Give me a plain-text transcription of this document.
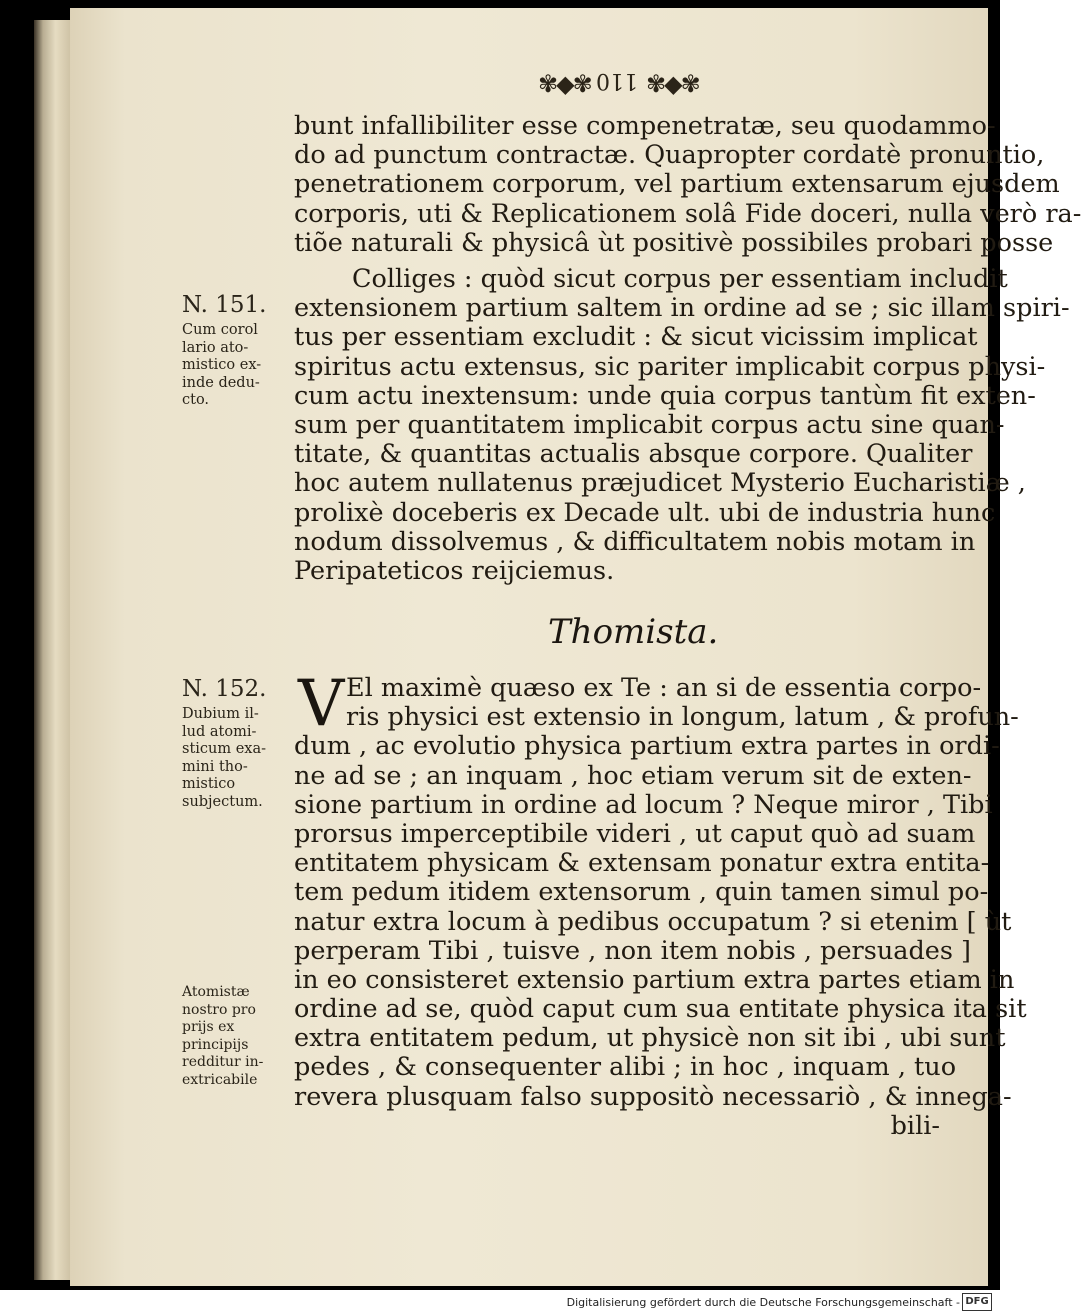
✾◆✾ 110 ✾◆✾
bunt infallibiliter esse compenetratæ, seu quodammo-
do ad punctum contractæ. Quapropter cordatè pronuntio,
penetrationem corporum, vel partium extensarum ejusdem
corporis, uti & Replicationem solâ Fide doceri, nulla verò ra-
tiõe naturali & physicâ ùt positivè possibiles probari posse
Colliges : quòd sicut corpus per essentiam includit
extensionem partium saltem in ordine ad se ; sic illam spiri-
tus per essentiam excludit : & sicut vicissim implicat
spiritus actu extensus, sic pariter implicabit corpus physi-
cum actu inextensum: unde quia corpus tantùm fit exten-
sum per quantitatem implicabit corpus actu sine quan-
titate, & quantitas actualis absque corpore. Qualiter
hoc autem nullatenus præjudicet Mysterio Eucharistiæ ,
prolixè doceberis ex Decade ult. ubi de industria hunc
nodum dissolvemus , & difficultatem nobis motam in
Peripateticos reijciemus.
N. 151.
Cum corol
lario ato-
mistico ex-
inde dedu-
cto.
Thomista.
N. 152.
Dubium il-
lud atomi-
sticum exa-
mini tho-
mistico
subjectum.
Atomistæ
nostro pro
prijs ex
principijs
redditur in-
extricabile
V El maximè quæso ex Te : an si de essentia corpo-
ris physici est extensio in longum, latum , & profun-
dum , ac evolutio physica partium extra partes in ordi-
ne ad se ; an inquam , hoc etiam verum sit de exten-
sione partium in ordine ad locum ? Neque miror , Tibi
prorsus imperceptibile videri , ut caput quò ad suam
entitatem physicam & extensam ponatur extra entita-
tem pedum itidem extensorum , quin tamen simul po-
natur extra locum à pedibus occupatum ? si etenim [ ùt
perperam Tibi , tuisve , non item nobis , persuades ]
in eo consisteret extensio partium extra partes etiam in
ordine ad se, quòd caput cum sua entitate physica ita sit
extra entitatem pedum, ut physicè non sit ibi , ubi sunt
pedes , & consequenter alibi ; in hoc , inquam , tuo
revera plusquam falso suppositò necessariò , & innega-
bili-
Digitalisierung gefördert durch die Deutsche Forschungsgemeinschaft - DFG
